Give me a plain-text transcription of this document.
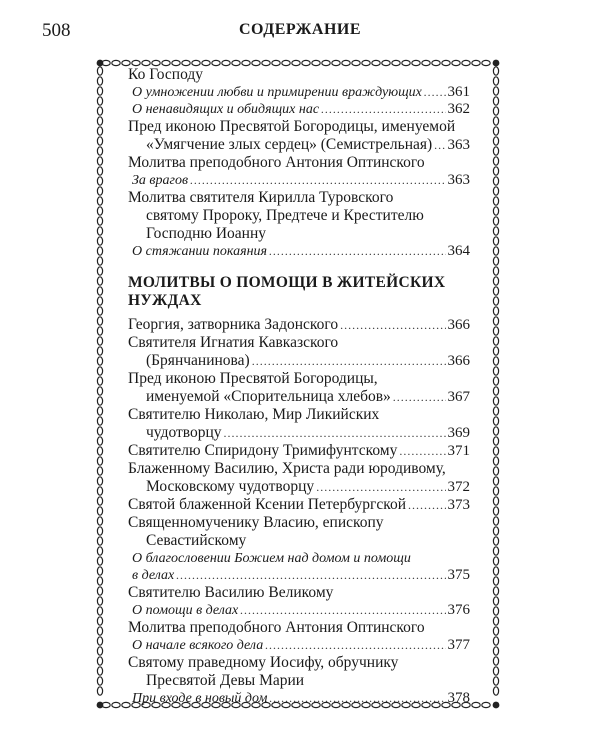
508	СОДЕРЖАНИЕ
Ко Господу
О умножении любви и примирении враждующих ..... 361
О ненавидящих и обидящих нас .....	362
Пред иконою Пресвятой Богородицы, именуемой
«Умягчение злых сердец» (Семистрельная) ..... 363
Молитва преподобного Антония Оптинского
За врагов .....	363
Молитва святителя Кирилла Туровского
святому Пророку, Предтече и Крестителю
Господню Иоанну
О стяжании покаяния .....	364
МОЛИТВЫ О ПОМОЩИ В ЖИТЕЙСКИХ НУЖДАХ
Георгия, затворника Задонского .....	366
Святителя Игнатия Кавказского
(Брянчанинова) .....	366
Пред иконою Пресвятой Богородицы,
именуемой «Спорительница хлебов» .....	367
Святителю Николаю, Мир Ликийских
чудотворцу .....	369
Святителю Спиридону Тримифунтскому .....	371
Блаженному Василию, Христа ради юродивому,
Московскому чудотворцу .....	372
Святой блаженной Ксении Петербургской .....	373
Священномученику Власию, епископу
Севастийскому
О благословении Божием над домом и помощи
в делах .....	375
Святителю Василию Великому
О помощи в делах .....	376
Молитва преподобного Антония Оптинского
О начале всякого дела .....	377
Святому праведному Иосифу, обручнику
Пресвятой Девы Марии
При входе в новый дом .....	378
